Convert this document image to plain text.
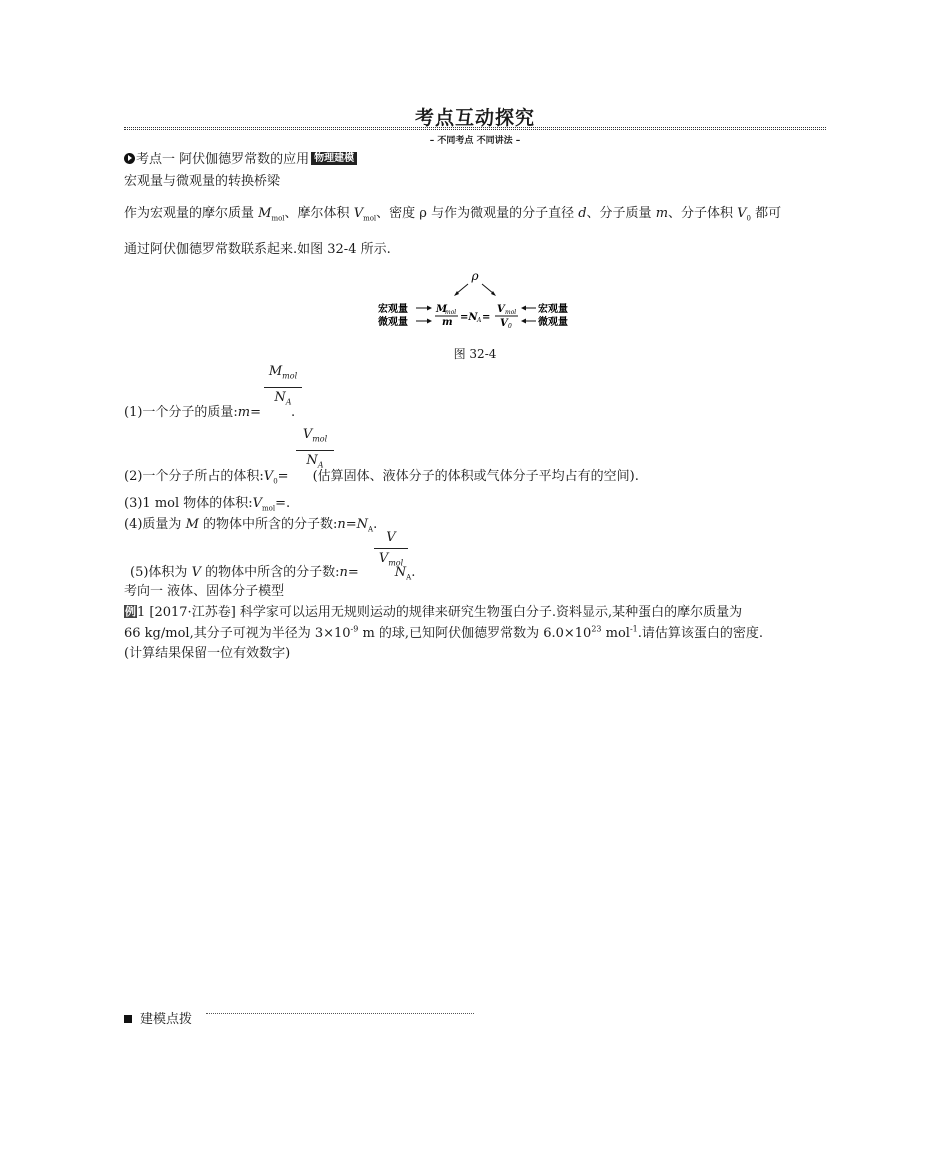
考点互动探究
– 不同考点 不同讲法 –
考点一 阿伏伽德罗常数的应用 物理建模
宏观量与微观量的转换桥梁
作为宏观量的摩尔质量 $M_{mol}$、摩尔体积 $V_{mol}$、密度 ρ 与作为微观量的分子直径 d、分子质量 m、分子体积 $V_0$ 都可
通过阿伏伽德罗常数联系起来.如图 32-4 所示.
ρ
宏观量
微观量
M
mol
m =N A =
V mol
V 0
宏观量
微观量
图 32-4
$M_{mol}$
$N_A$
(1)一个分子的质量:m= .
$V_{mol}$
$N_A$
(2)一个分子所占的体积$:V_0=$ (估算固体、液体分子的体积或气体分子平均占有的空间).
(3)1 mol 物体的体积$:V_{mol}=$.
(4)质量为 M 的物体中所含的分子数$:n=N_A$.
V
$V_{mol}$
(5)体积为 V 的物体中所含的分子数:n=	$N_A$.
考向一 液体、固体分子模型
例1 [2017·江苏卷] 科学家可以运用无规则运动的规律来研究生物蛋白分子.资料显示,某种蛋白的摩尔质量为
66 kg/mol,其分子可视为半径为 $3\times 10^{-9}$ m 的球,已知阿伏伽德罗常数为 $6.0\times 10^{23}$ mol$^{-1}$.请估算该蛋白的密度.
(计算结果保留一位有效数字)
建模点拨
